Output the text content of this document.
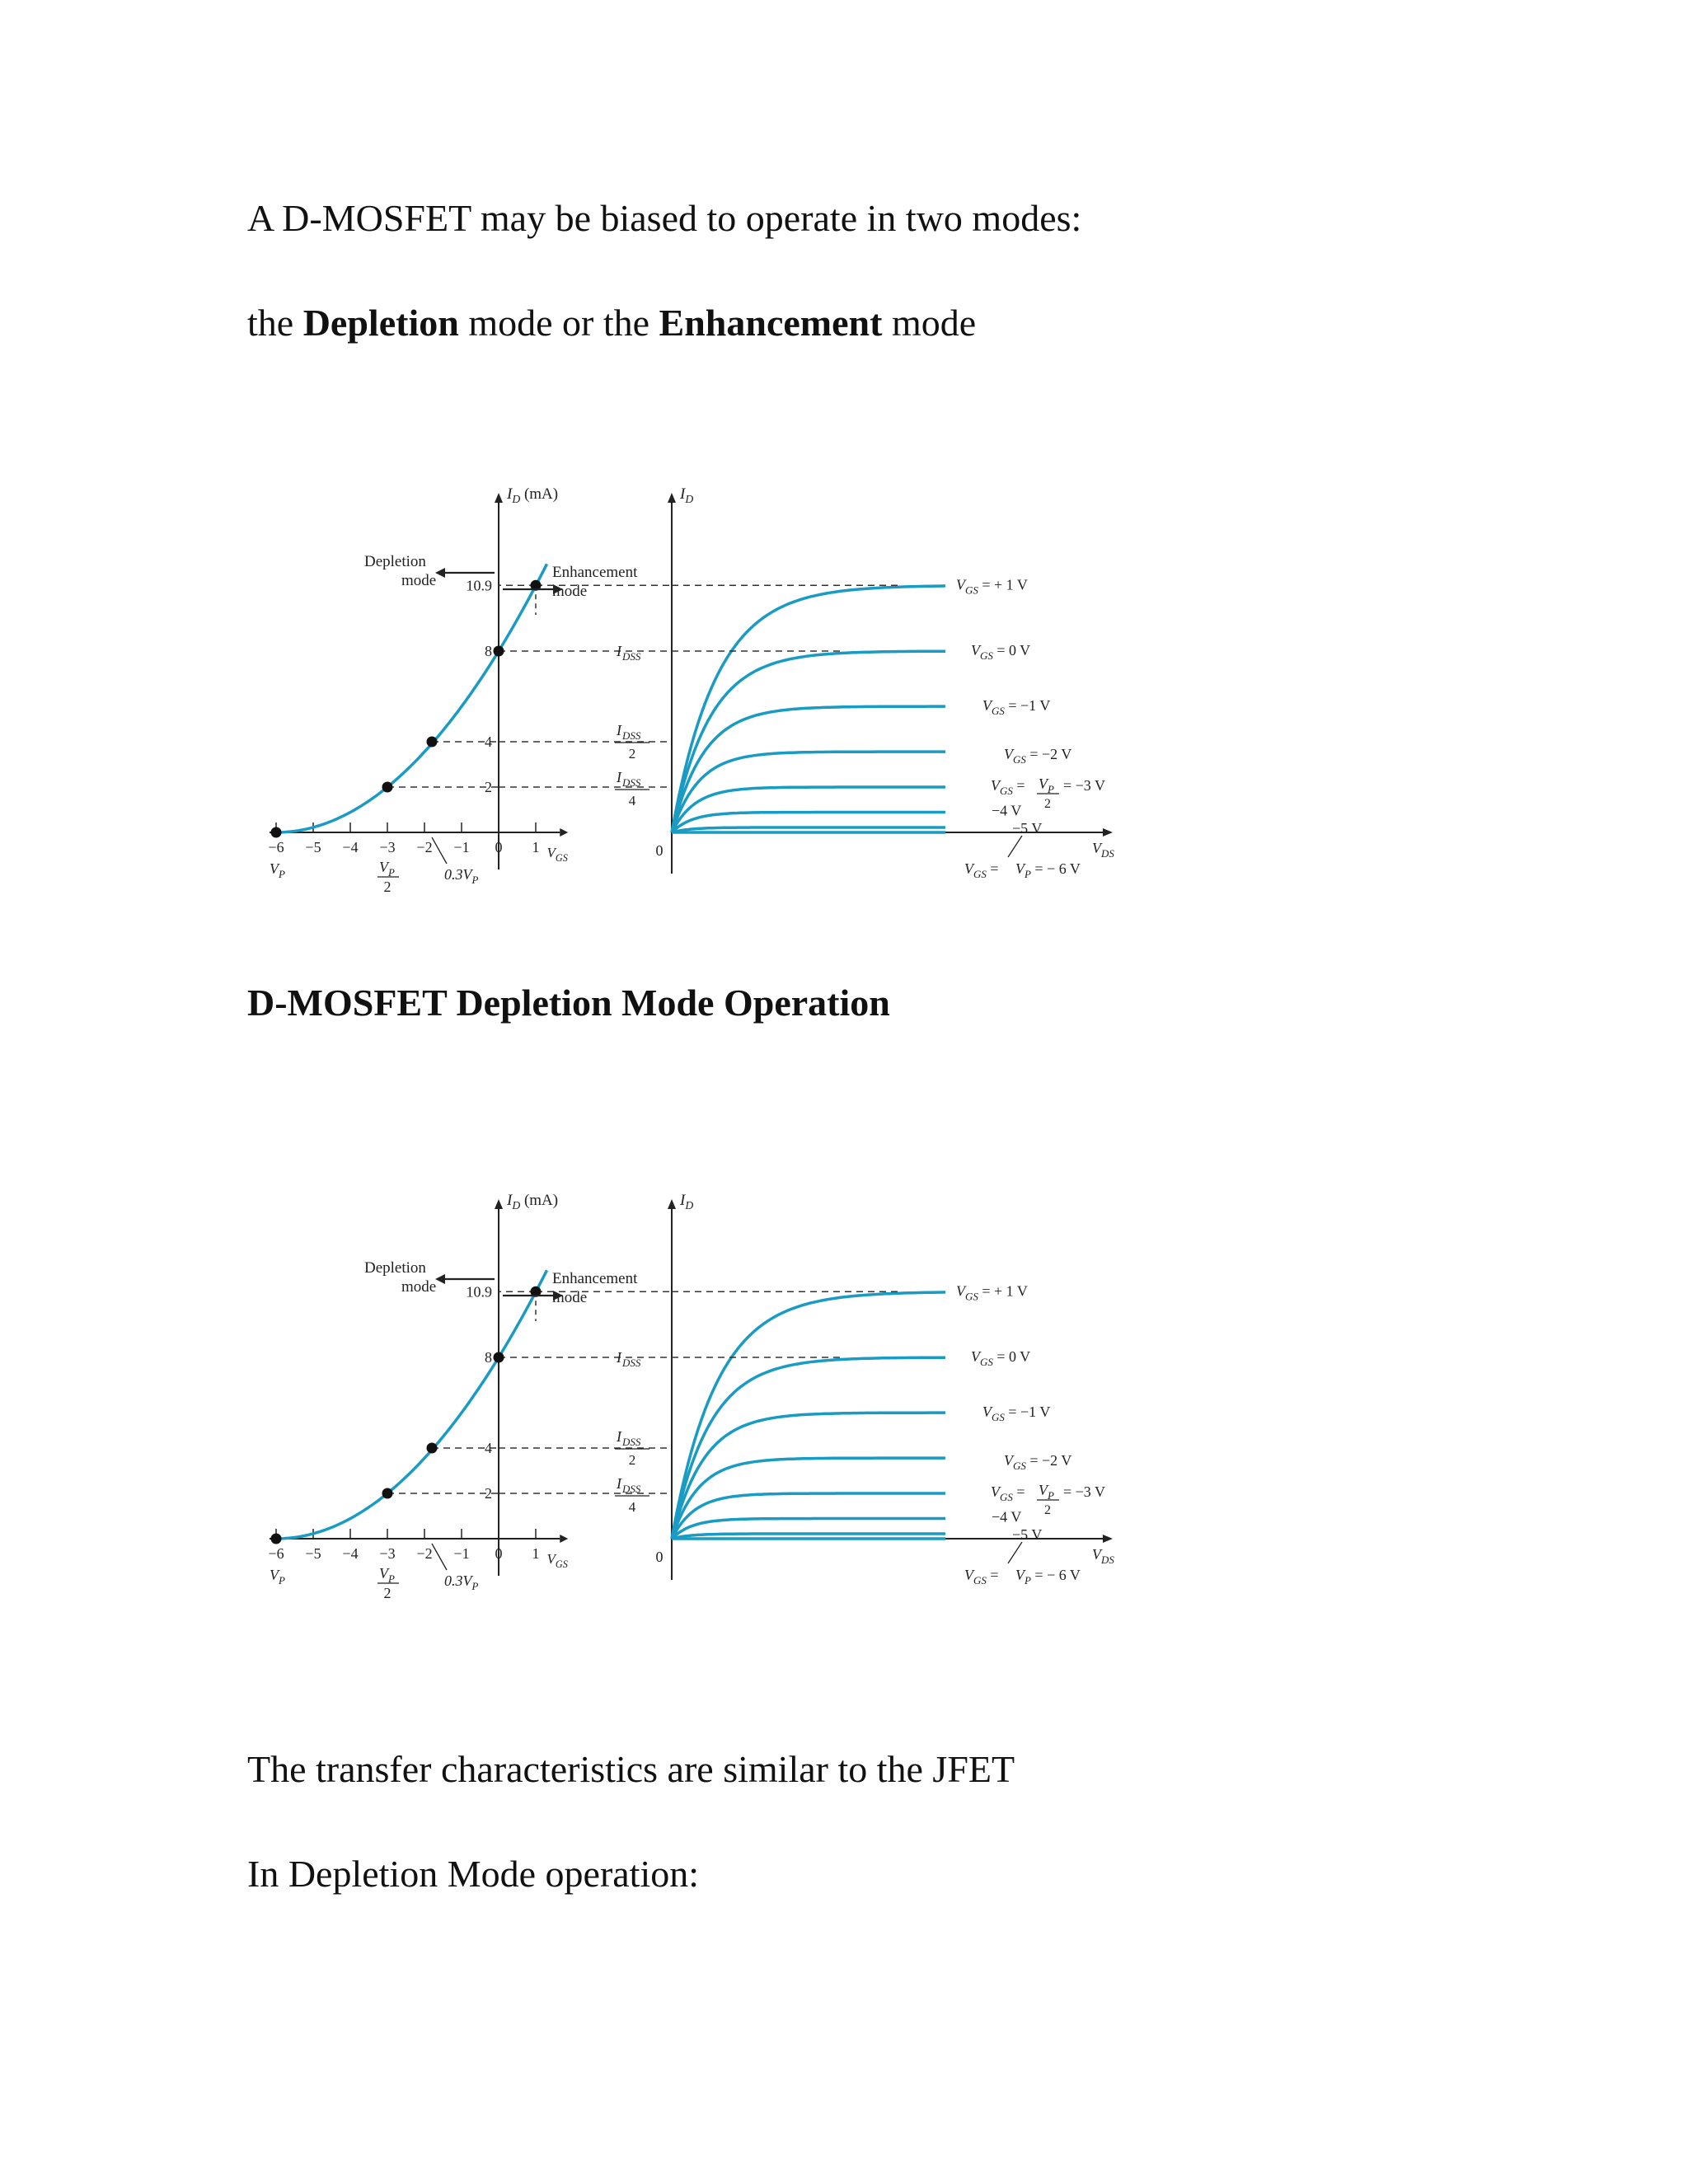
A D-MOSFET may be biased to operate in two modes:

the Depletion mode or the Enhancement mode

$I_D$ (mA)
$V_{GS}$
−6 −5 −4 −3 −2 −1 0 1
2
4
8
10.9
Depletion
mode	Enhancement
mode
$V_P$	$V_P$
2
$0.3V_P$
I DSS
I DSS
2
I DSS
4
$I_D$
$V_{DS}$
0
$V_{GS}$ = + 1 V
$V_{GS} = 0$ V
$V_{GS} = -1$ V
$V_{GS} = -2$ V
$V_{GS} = V_P$
2
= −3 V
−4 V
−5 V
$V_{GS} = V_P$ = − 6 V

D-MOSFET Depletion Mode Operation

$I_D$ (mA)
$V_{GS}$
−6 −5 −4 −3 −2 −1 0 1
2
4
8
10.9
Depletion
mode	Enhancement
mode
$V_P$	$V_P$
2
$0.3V_P$
I DSS
I DSS
2
I DSS
4
$I_D$
$V_{DS}$
0
$V_{GS}$ = + 1 V
$V_{GS} = 0$ V
$V_{GS} = -1$ V
$V_{GS} = -2$ V
$V_{GS} = V_P$
2
= −3 V
−4 V
−5 V
$V_{GS} = V_P$ = − 6 V

The transfer characteristics are similar to the JFET

In Depletion Mode operation:
